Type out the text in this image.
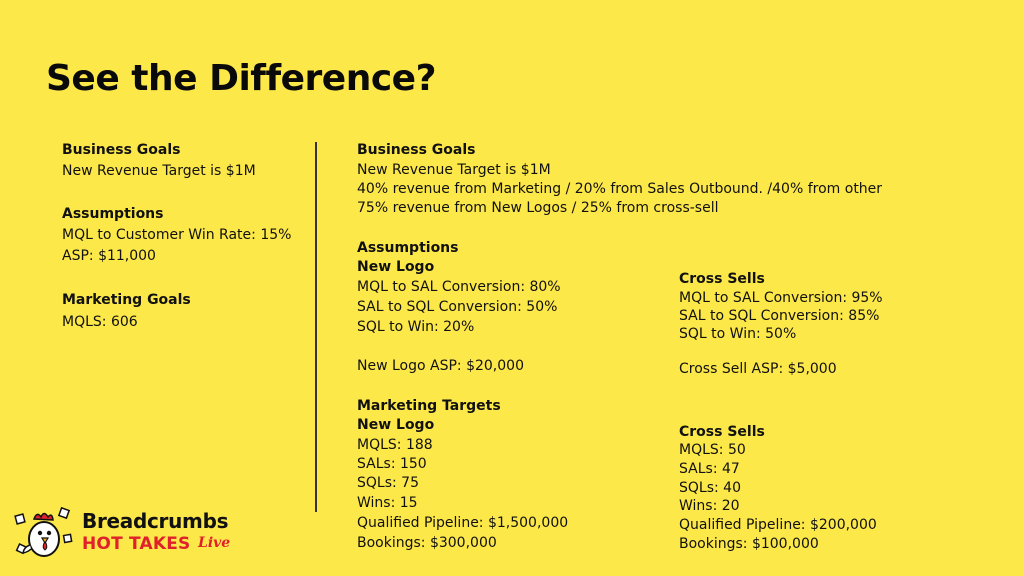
See the Difference?
Business Goals
New Revenue Target is $1M
Assumptions
MQL to Customer Win Rate: 15%
ASP: $11,000
Marketing Goals
MQLS: 606
Business Goals
New Revenue Target is $1M
40% revenue from Marketing / 20% from Sales Outbound. /40% from other
75% revenue from New Logos / 25% from cross-sell
Assumptions
New Logo
MQL to SAL Conversion: 80%
SAL to SQL Conversion: 50%
SQL to Win: 20%
New Logo ASP: $20,000
Cross Sells
MQL to SAL Conversion: 95%
SAL to SQL Conversion: 85%
SQL to Win: 50%
Cross Sell ASP: $5,000
Marketing Targets
New Logo
MQLS: 188
SALs: 150
SQLs: 75
Wins: 15
Qualified Pipeline: $1,500,000
Bookings: $300,000
Cross Sells
MQLS: 50
SALs: 47
SQLs: 40
Wins: 20
Qualified Pipeline: $200,000
Bookings: $100,000
Breadcrumbs
HOT TAKES Live
